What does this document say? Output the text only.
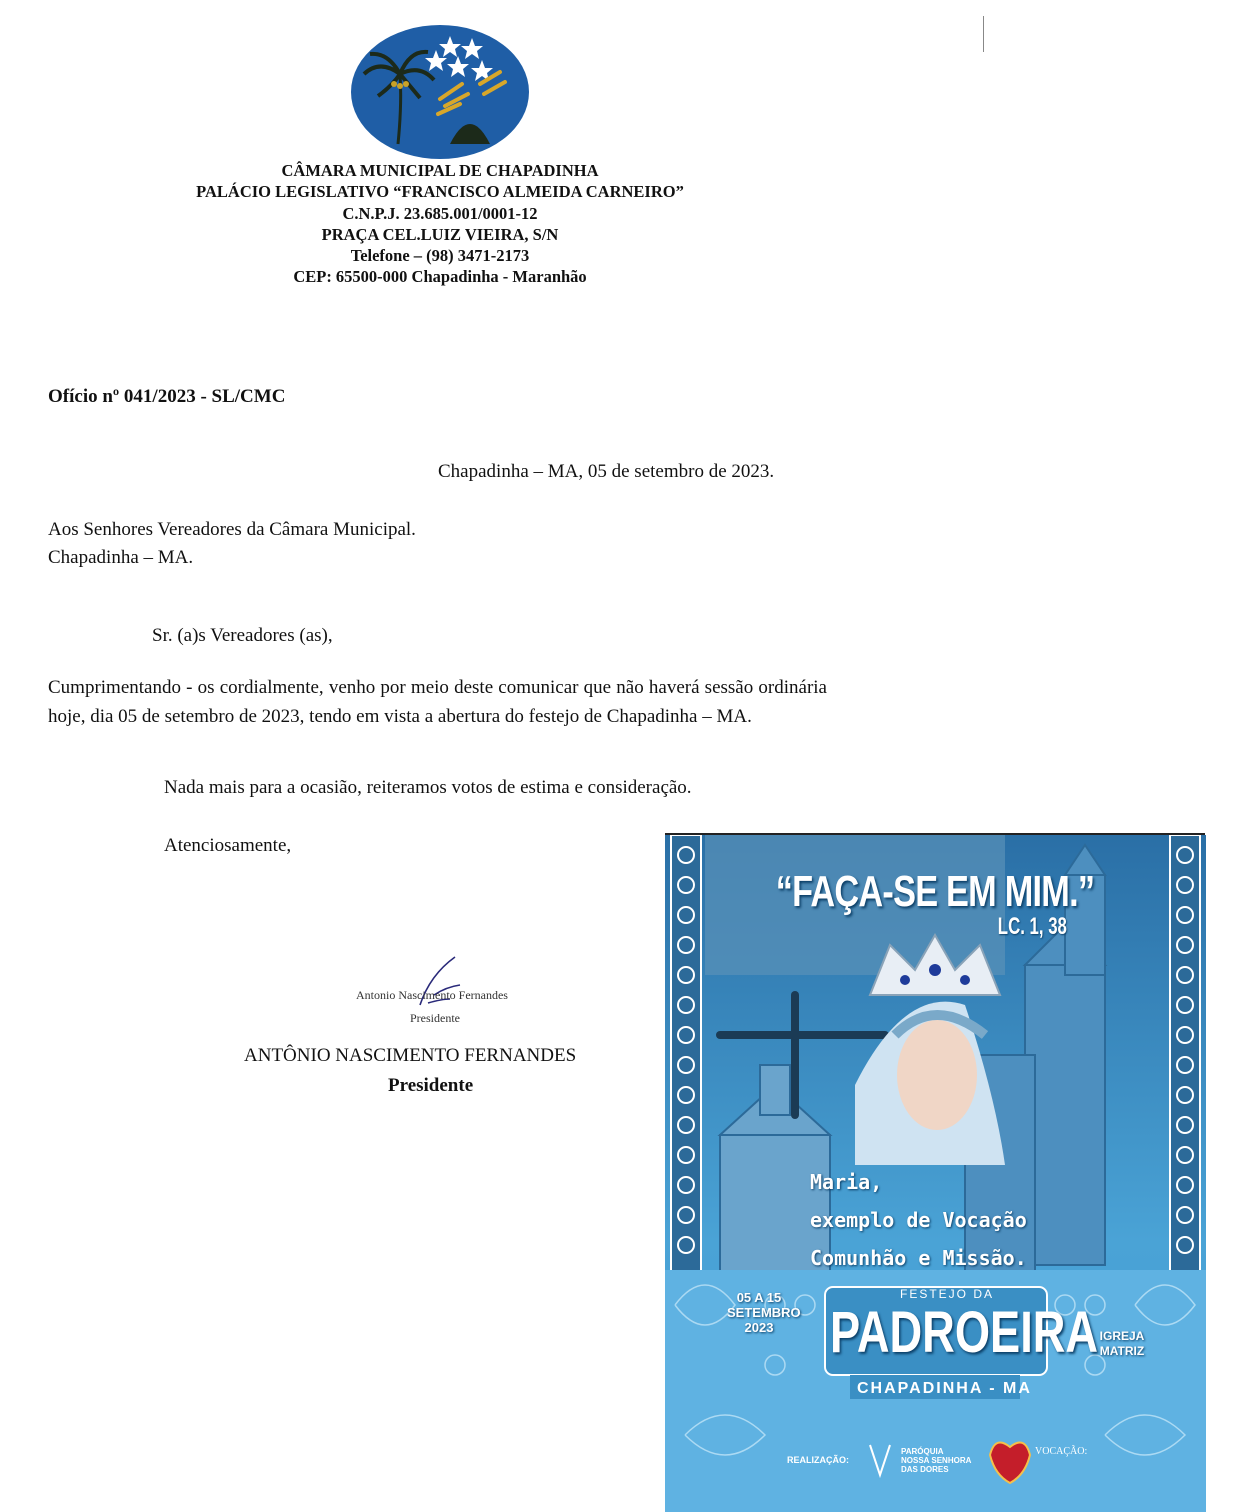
CÂMARA MUNICIPAL DE CHAPADINHA
PALÁCIO LEGISLATIVO “FRANCISCO ALMEIDA CARNEIRO”
C.N.P.J. 23.685.001/0001-12
PRAÇA CEL.LUIZ VIEIRA, S/N
Telefone – (98) 3471-2173
CEP: 65500-000 Chapadinha - Maranhão
Ofício nº 041/2023 - SL/CMC
Chapadinha – MA, 05 de setembro de 2023.
Aos Senhores Vereadores da Câmara Municipal.
Chapadinha – MA.
Sr. (a)s Vereadores (as),
Cumprimentando - os cordialmente, venho por meio deste comunicar que não haverá sessão ordinária hoje, dia 05 de setembro de 2023, tendo em vista a abertura do festejo de Chapadinha – MA.
Nada mais para a ocasião, reiteramos votos de estima e consideração.
Atenciosamente,
Antonio Nascimento Fernandes
Presidente
ANTÔNIO NASCIMENTO FERNANDES
Presidente
“FAÇA-SE EM MIM.”
LC. 1, 38
Maria,
exemplo de Vocação
Comunhão e Missão.
FESTEJO DA
PADROEIRA
CHAPADINHA - MA
05 A 15
SETEMBRO
2023
IGREJA
MATRIZ
REALIZAÇÃO:
PARÓQUIA
NOSSA SENHORA
DAS DORES
VOCAÇÃO:
